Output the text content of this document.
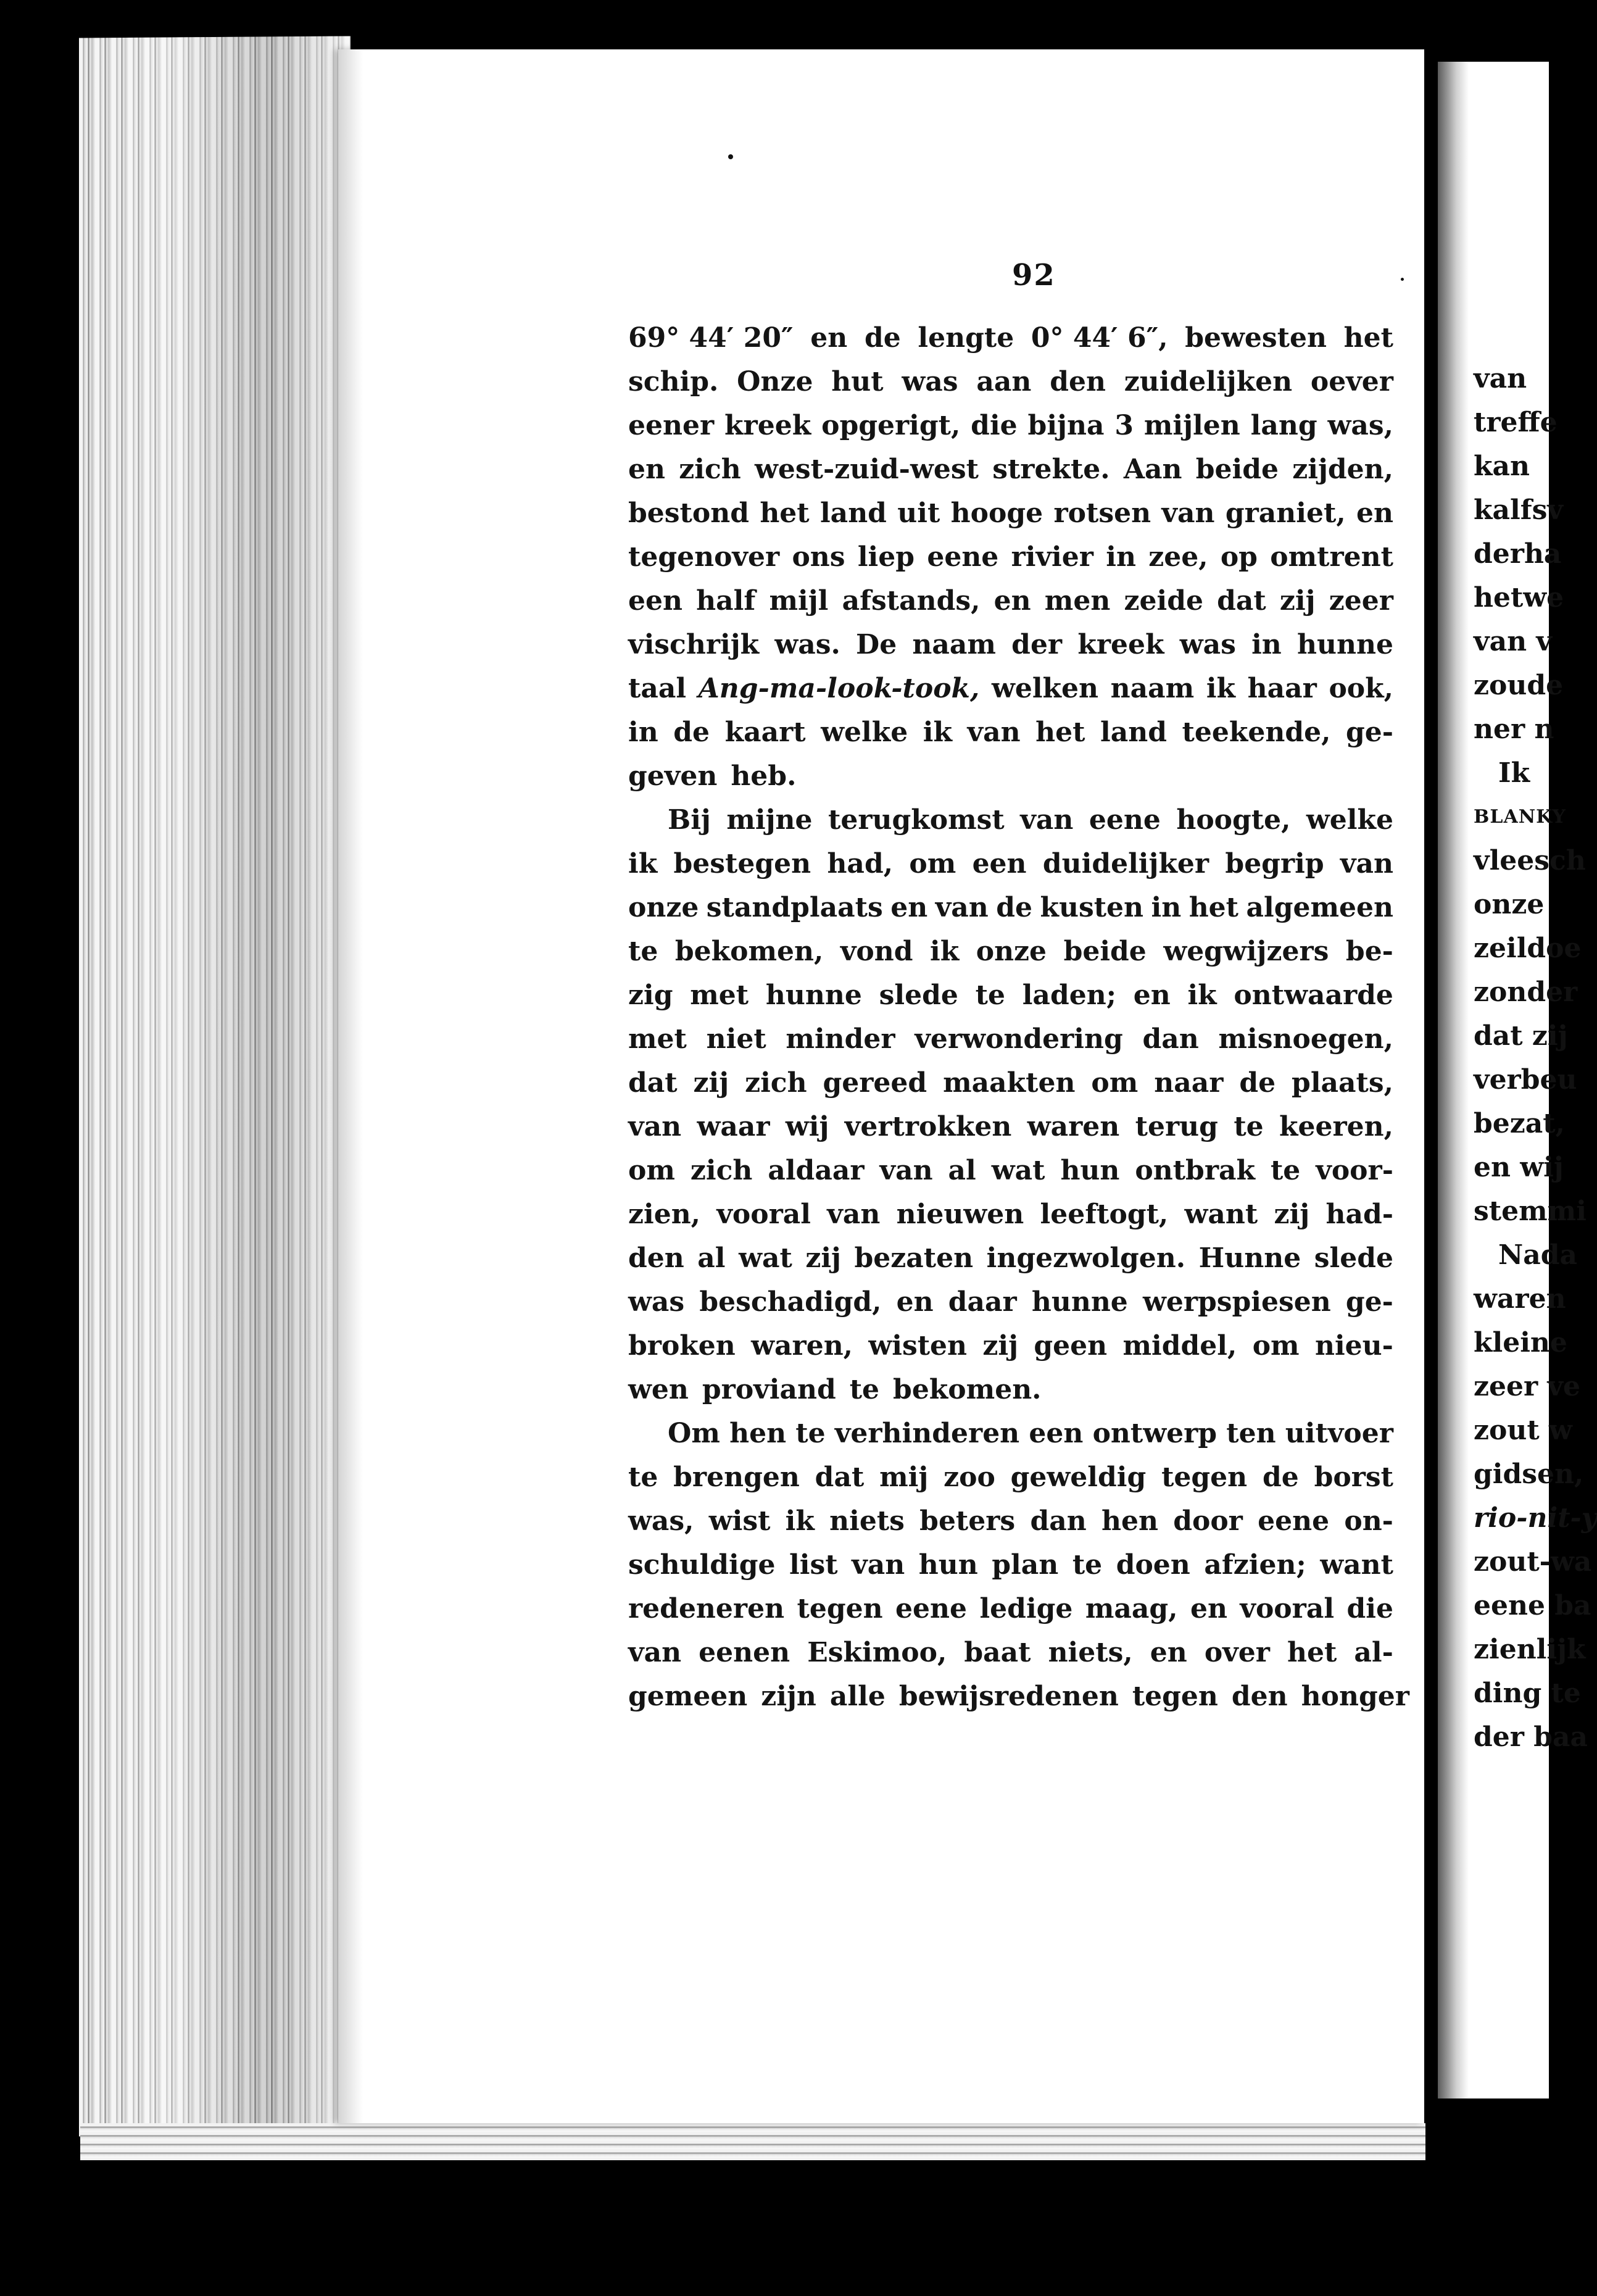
92
69° 44′ 20″ en de lengte 0° 44′ 6″, bewesten het
schip. Onze hut was aan den zuidelijken oever
eener kreek opgerigt, die bijna 3 mijlen lang was,
en zich west-zuid-west strekte. Aan beide zijden,
bestond het land uit hooge rotsen van graniet, en
tegenover ons liep eene rivier in zee, op omtrent
een half mijl afstands, en men zeide dat zij zeer
vischrijk was. De naam der kreek was in hunne
taal Ang-ma-look-took, welken naam ik haar ook,
in de kaart welke ik van het land teekende, ge-
geven heb.
Bij mijne terugkomst van eene hoogte, welke
ik bestegen had, om een duidelijker begrip van
onze standplaats en van de kusten in het algemeen
te bekomen, vond ik onze beide wegwijzers be-
zig met hunne slede te laden; en ik ontwaarde
met niet minder verwondering dan misnoegen,
dat zij zich gereed maakten om naar de plaats,
van waar wij vertrokken waren terug te keeren,
om zich aldaar van al wat hun ontbrak te voor-
zien, vooral van nieuwen leeftogt, want zij had-
den al wat zij bezaten ingezwolgen. Hunne slede
was beschadigd, en daar hunne werpspiesen ge-
broken waren, wisten zij geen middel, om nieu-
wen proviand te bekomen.
Om hen te verhinderen een ontwerp ten uitvoer
te brengen dat mij zoo geweldig tegen de borst
was, wist ik niets beters dan hen door eene on-
schuldige list van hun plan te doen afzien; want
redeneren tegen eene ledige maag, en vooral die
van eenen Eskimoo, baat niets, en over het al-
gemeen zijn alle bewijsredenen tegen den honger
van
treffe
kan
kalfsv
derha
hetwe
van v
zoude
ner n
Ik
BLANKY
vleesch
onze
zeildoe
zonder
dat zij
verbeu
bezat,
en wij
stemmi
Nada
waren
kleine
zeer ve
zout w
gidsen,
rio-nit-y
zout-wa
eene ba
zienlijk
ding te
der baa
